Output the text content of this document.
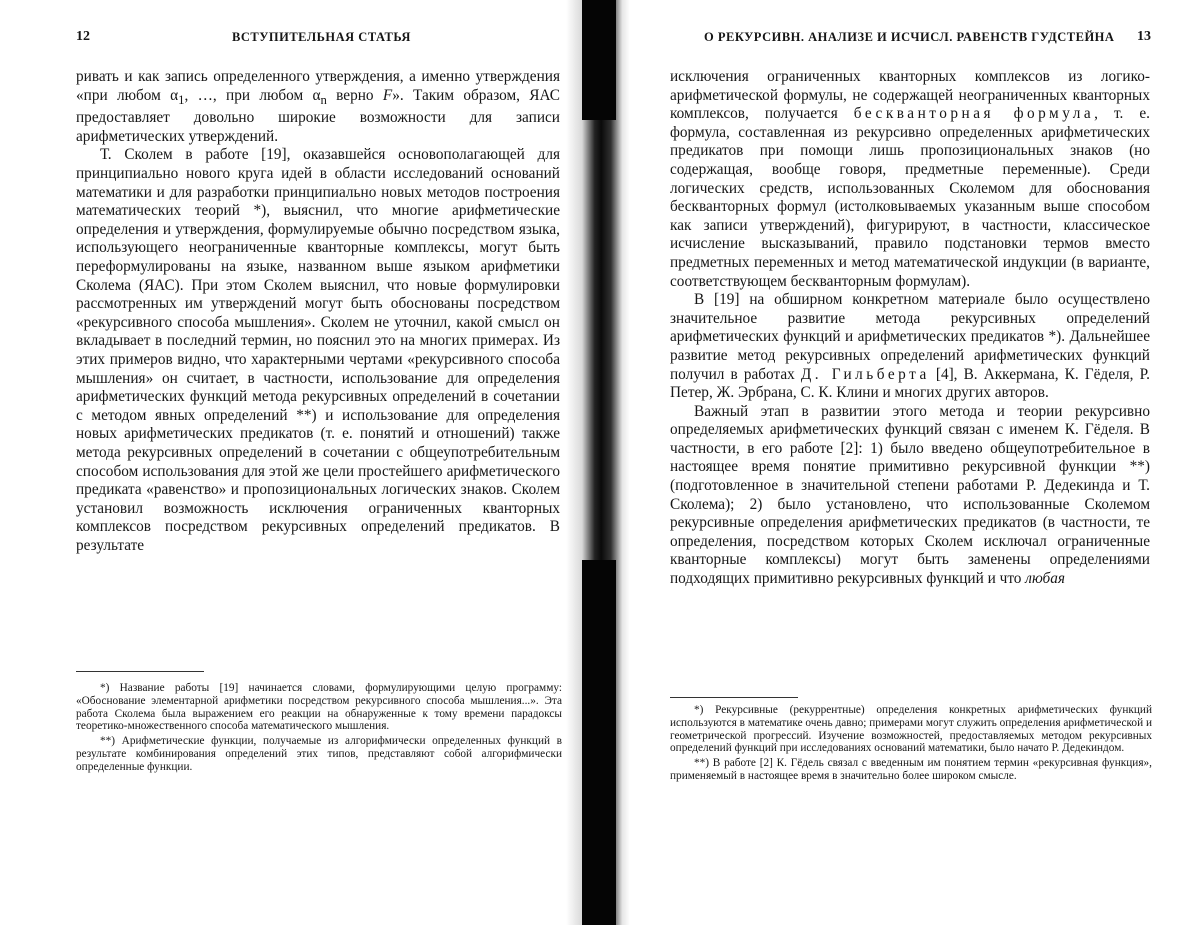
12	ВСТУПИТЕЛЬНАЯ СТАТЬЯ

ривать и как запись определенного утверждения, а именно утверждения «при любом $\alpha_1$, …, при любом $\alpha_n$ верно F». Таким образом, ЯАС предоставляет довольно широкие возможности для записи арифметических утверждений.

Т. Сколем в работе [19], оказавшейся основополагающей для принципиально нового круга идей в области исследований оснований математики и для разработки принципиально новых методов построения математических теорий *), выяснил, что многие арифметические определения и утверждения, формулируемые обычно посредством языка, использующего неограниченные кванторные комплексы, могут быть переформулированы на языке, названном выше языком арифметики Сколема (ЯАС). При этом Сколем выяснил, что новые формулировки рассмотренных им утверждений могут быть обоснованы посредством «рекурсивного способа мышления». Сколем не уточнил, какой смысл он вкладывает в последний термин, но пояснил это на многих примерах. Из этих примеров видно, что характерными чертами «рекурсивного способа мышления» он считает, в частности, использование для определения арифметических функций метода рекурсивных определений в сочетании с методом явных определений **) и использование для определения новых арифметических предикатов (т. е. понятий и отношений) также метода рекурсивных определений в сочетании с общеупотребительным способом использования для этой же цели простейшего арифметического предиката «равенство» и пропозициональных логических знаков. Сколем установил возможность исключения ограниченных кванторных комплексов посредством рекурсивных определений предикатов. В результате

*) Название работы [19] начинается словами, формулирующими целую программу: «Обоснование элементарной арифметики посредством рекурсивного способа мышления...». Эта работа Сколема была выражением его реакции на обнаруженные к тому времени парадоксы теоретико-множественного способа математического мышления.

**) Арифметические функции, получаемые из алгорифмически определенных функций в результате комбинирования определений этих типов, представляют собой алгорифмически определенные функции.

О РЕКУРСИВН. АНАЛИЗЕ И ИСЧИСЛ. РАВЕНСТВ ГУДСТЕЙНА 13

исключения ограниченных кванторных комплексов из логико-арифметической формулы, не содержащей неограниченных кванторных комплексов, получается бескванторная формула, т. е. формула, составленная из рекурсивно определенных арифметических предикатов при помощи лишь пропозициональных знаков (но содержащая, вообще говоря, предметные переменные). Среди логических средств, использованных Сколемом для обоснования бескванторных формул (истолковываемых указанным выше способом как записи утверждений), фигурируют, в частности, классическое исчисление высказываний, правило подстановки термов вместо предметных переменных и метод математической индукции (в варианте, соответствующем бескванторным формулам).

В [19] на обширном конкретном материале было осуществлено значительное развитие метода рекурсивных определений арифметических функций и арифметических предикатов *). Дальнейшее развитие метод рекурсивных определений арифметических функций получил в работах Д. Гильберта [4], В. Аккермана, К. Гёделя, Р. Петер, Ж. Эрбрана, С. К. Клини и многих других авторов.

Важный этап в развитии этого метода и теории рекурсивно определяемых арифметических функций связан с именем К. Гёделя. В частности, в его работе [2]: 1) было введено общеупотребительное в настоящее время понятие примитивно рекурсивной функции **) (подготовленное в значительной степени работами Р. Дедекинда и Т. Сколема); 2) было установлено, что использованные Сколемом рекурсивные определения арифметических предикатов (в частности, те определения, посредством которых Сколем исключал ограниченные кванторные комплексы) могут быть заменены определениями подходящих примитивно рекурсивных функций и что любая

*) Рекурсивные (рекуррентные) определения конкретных арифметических функций используются в математике очень давно; примерами могут служить определения арифметической и геометрической прогрессий. Изучение возможностей, предоставляемых методом рекурсивных определений функций при исследованиях оснований математики, было начато Р. Дедекиндом.

**) В работе [2] К. Гёдель связал с введенным им понятием термин «рекурсивная функция», применяемый в настоящее время в значительно более широком смысле.
